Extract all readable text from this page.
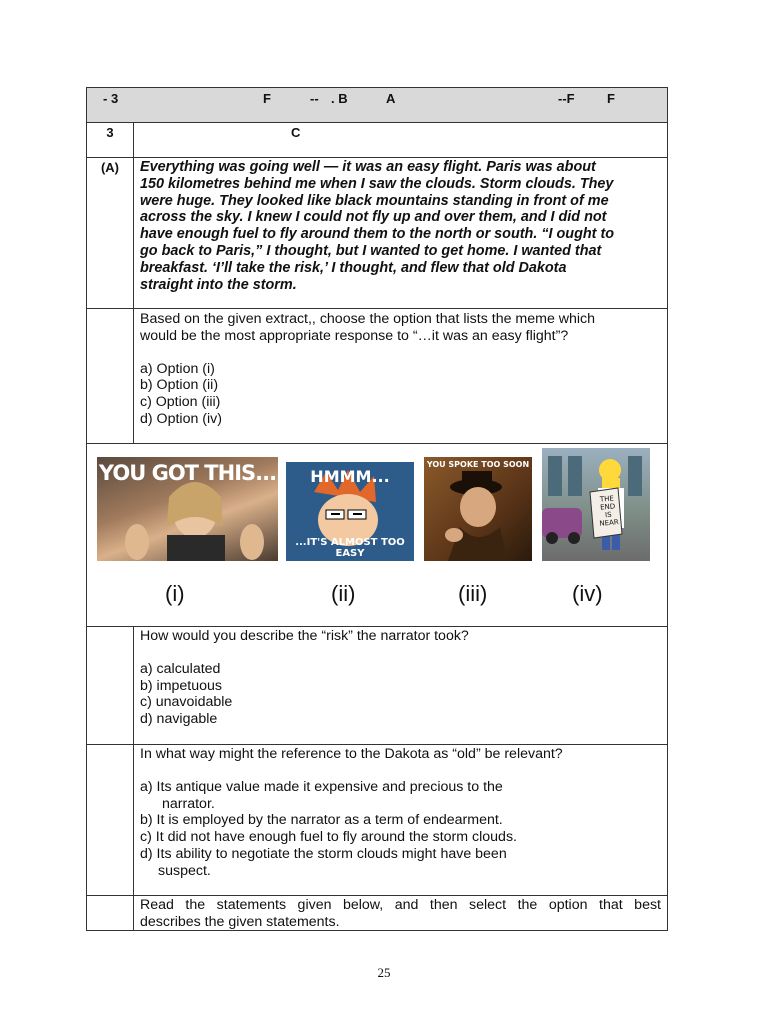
- 3	F	-- . B	A	--F F
3	C
(A)	Everything was going well — it was an easy flight. Paris was about
150 kilometres behind me when I saw the clouds. Storm clouds. They
were huge. They looked like black mountains standing in front of me
across the sky. I knew I could not fly up and over them, and I did not
have enough fuel to fly around them to the north or south. “I ought to
go back to Paris,” I thought, but I wanted to get home. I wanted that
breakfast. ‘I’ll take the risk,’ I thought, and flew that old Dakota
straight into the storm.
Based on the given extract,, choose the option that lists the meme which
would be the most appropriate response to “…it was an easy flight”?
a) Option (i)
b) Option (ii)
c) Option (iii)
d) Option (iv)
YOU GOT THIS...	HMMM...
...IT'S ALMOST TOO EASY
YOU SPOKE TOO SOON
THE
END
IS
NEAR
(i)	(ii)	(iii)	(iv)
How would you describe the “risk” the narrator took?
a) calculated
b) impetuous
c) unavoidable
d) navigable
In what way might the reference to the Dakota as “old” be relevant?
a) Its antique value made it expensive and precious to the
narrator.
b) It is employed by the narrator as a term of endearment.
c) It did not have enough fuel to fly around the storm clouds.
d) Its ability to negotiate the storm clouds might have been
suspect.
Read the statements given below, and then select the option that best
describes the given statements.
25
